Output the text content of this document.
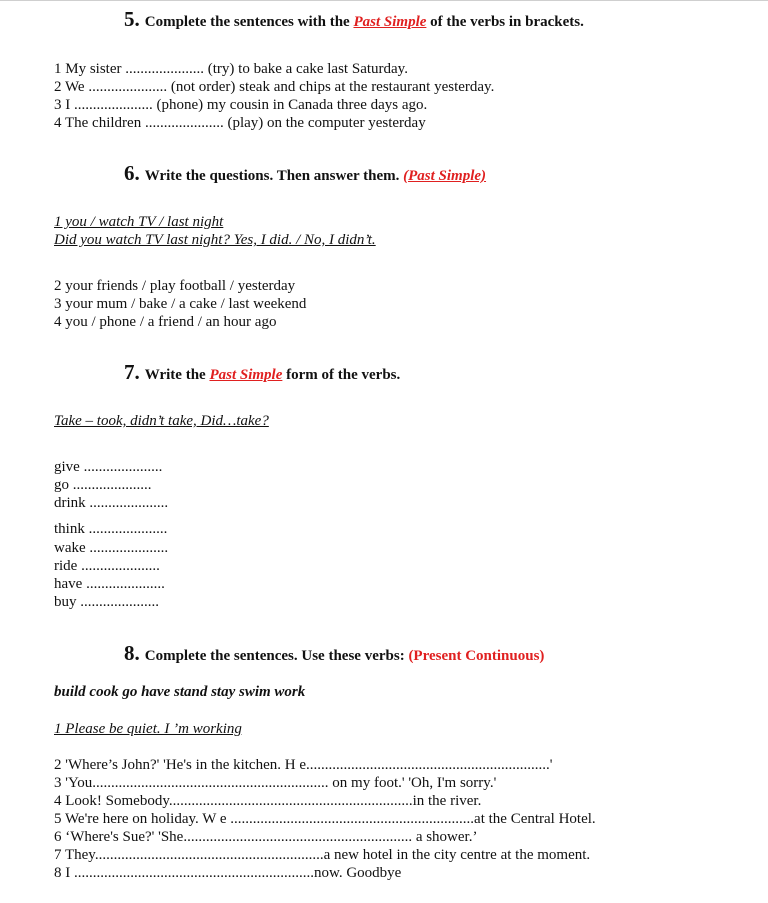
5. Complete the sentences with the Past Simple of the verbs in brackets.
1 My sister ..................... (try) to bake a cake last Saturday.
2 We ..................... (not order) steak and chips at the restaurant yesterday.
3 I ..................... (phone) my cousin in Canada three days ago.
4 The children ..................... (play) on the computer yesterday
6. Write the questions. Then answer them. (Past Simple)
1 you / watch TV / last night
Did you watch TV last night? Yes, I did. / No, I didn’t.
2 your friends / play football / yesterday
3 your mum / bake / a cake / last weekend
4 you / phone / a friend / an hour ago
7. Write the Past Simple form of the verbs.
Take – took, didn’t take, Did…take?
give .....................
go .....................
drink .....................
think .....................
wake .....................
ride .....................
have .....................
buy .....................
8. Complete the sentences. Use these verbs: (Present Continuous)
build cook go have stand stay swim work
1 Please be quiet. I ’m working
2 'Where’s John?' 'He's in the kitchen. H e.................................................................'
3 'You............................................................... on my foot.' 'Oh, I'm sorry.'
4 Look! Somebody.................................................................in the river.
5 We're here on holiday. W e .................................................................at the Central Hotel.
6 ‘Where's Sue?' 'She............................................................. a shower.’
7 They.............................................................a new hotel in the city centre at the moment.
8 I ................................................................now. Goodbye
